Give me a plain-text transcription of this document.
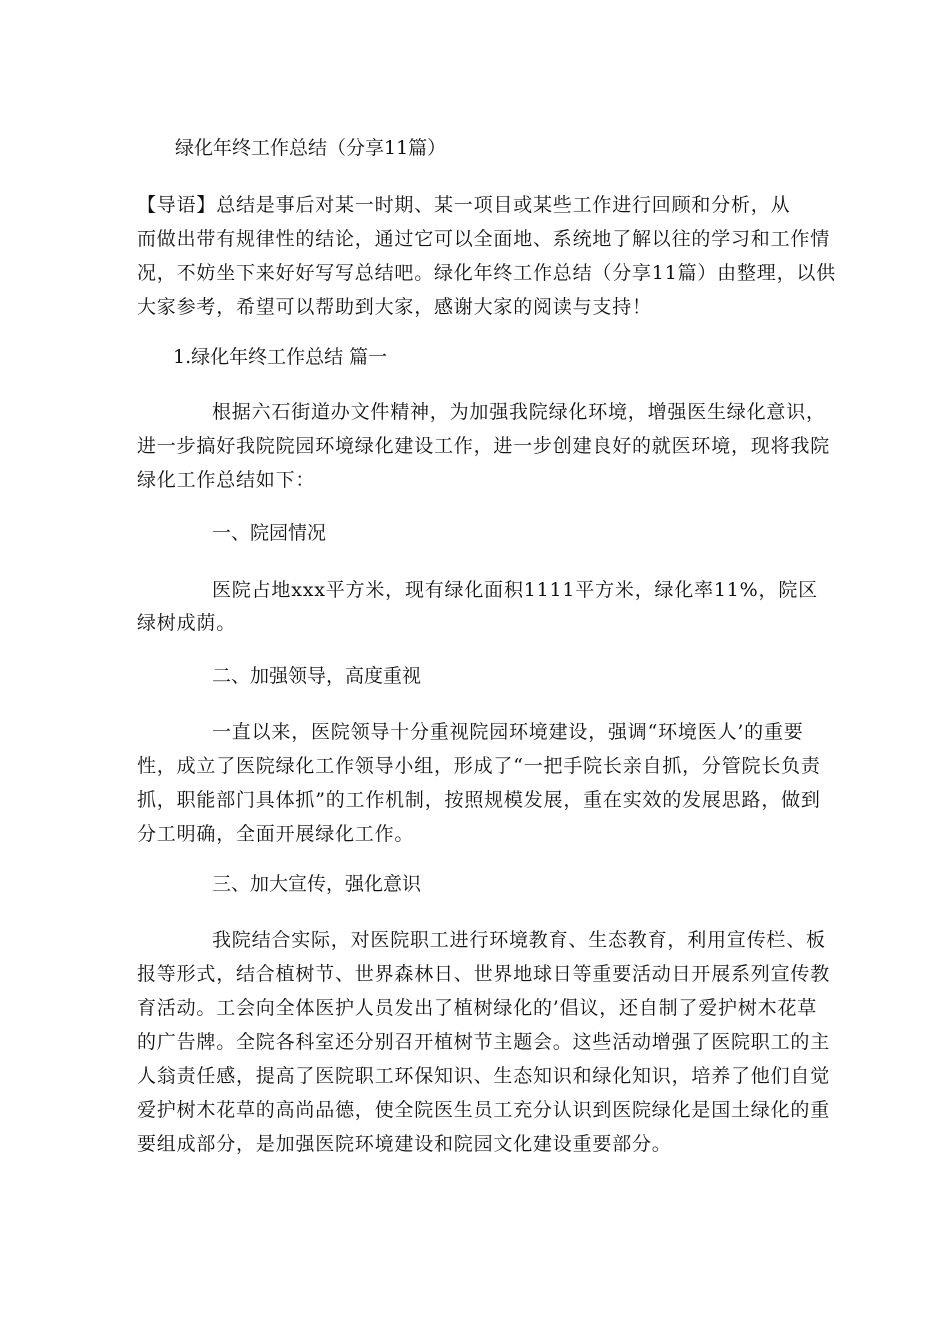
绿化年终工作总结（分享11篇）
【导语】总结是事后对某一时期、某一项目或某些工作进行回顾和分析，从
而做出带有规律性的结论，通过它可以全面地、系统地了解以往的学习和工作情
况，不妨坐下来好好写写总结吧。绿化年终工作总结（分享11篇）由整理，以供
大家参考，希望可以帮助到大家，感谢大家的阅读与支持！
1.绿化年终工作总结 篇一
根据六石街道办文件精神，为加强我院绿化环境，增强医生绿化意识，
进一步搞好我院院园环境绿化建设工作，进一步创建良好的就医环境，现将我院
绿化工作总结如下：
一、院园情况
医院占地xxx平方米，现有绿化面积1111平方米，绿化率11%，院区
绿树成荫。
二、加强领导，高度重视
一直以来，医院领导十分重视院园环境建设，强调“环境医人’的重要
性，成立了医院绿化工作领导小组，形成了“一把手院长亲自抓，分管院长负责
抓，职能部门具体抓”的工作机制，按照规模发展，重在实效的发展思路，做到
分工明确，全面开展绿化工作。
三、加大宣传，强化意识
我院结合实际，对医院职工进行环境教育、生态教育，利用宣传栏、板
报等形式，结合植树节、世界森林日、世界地球日等重要活动日开展系列宣传教
育活动。工会向全体医护人员发出了植树绿化的’倡议，还自制了爱护树木花草
的广告牌。全院各科室还分别召开植树节主题会。这些活动增强了医院职工的主
人翁责任感，提高了医院职工环保知识、生态知识和绿化知识，培养了他们自觉
爱护树木花草的高尚品德，使全院医生员工充分认识到医院绿化是国土绿化的重
要组成部分，是加强医院环境建设和院园文化建设重要部分。
